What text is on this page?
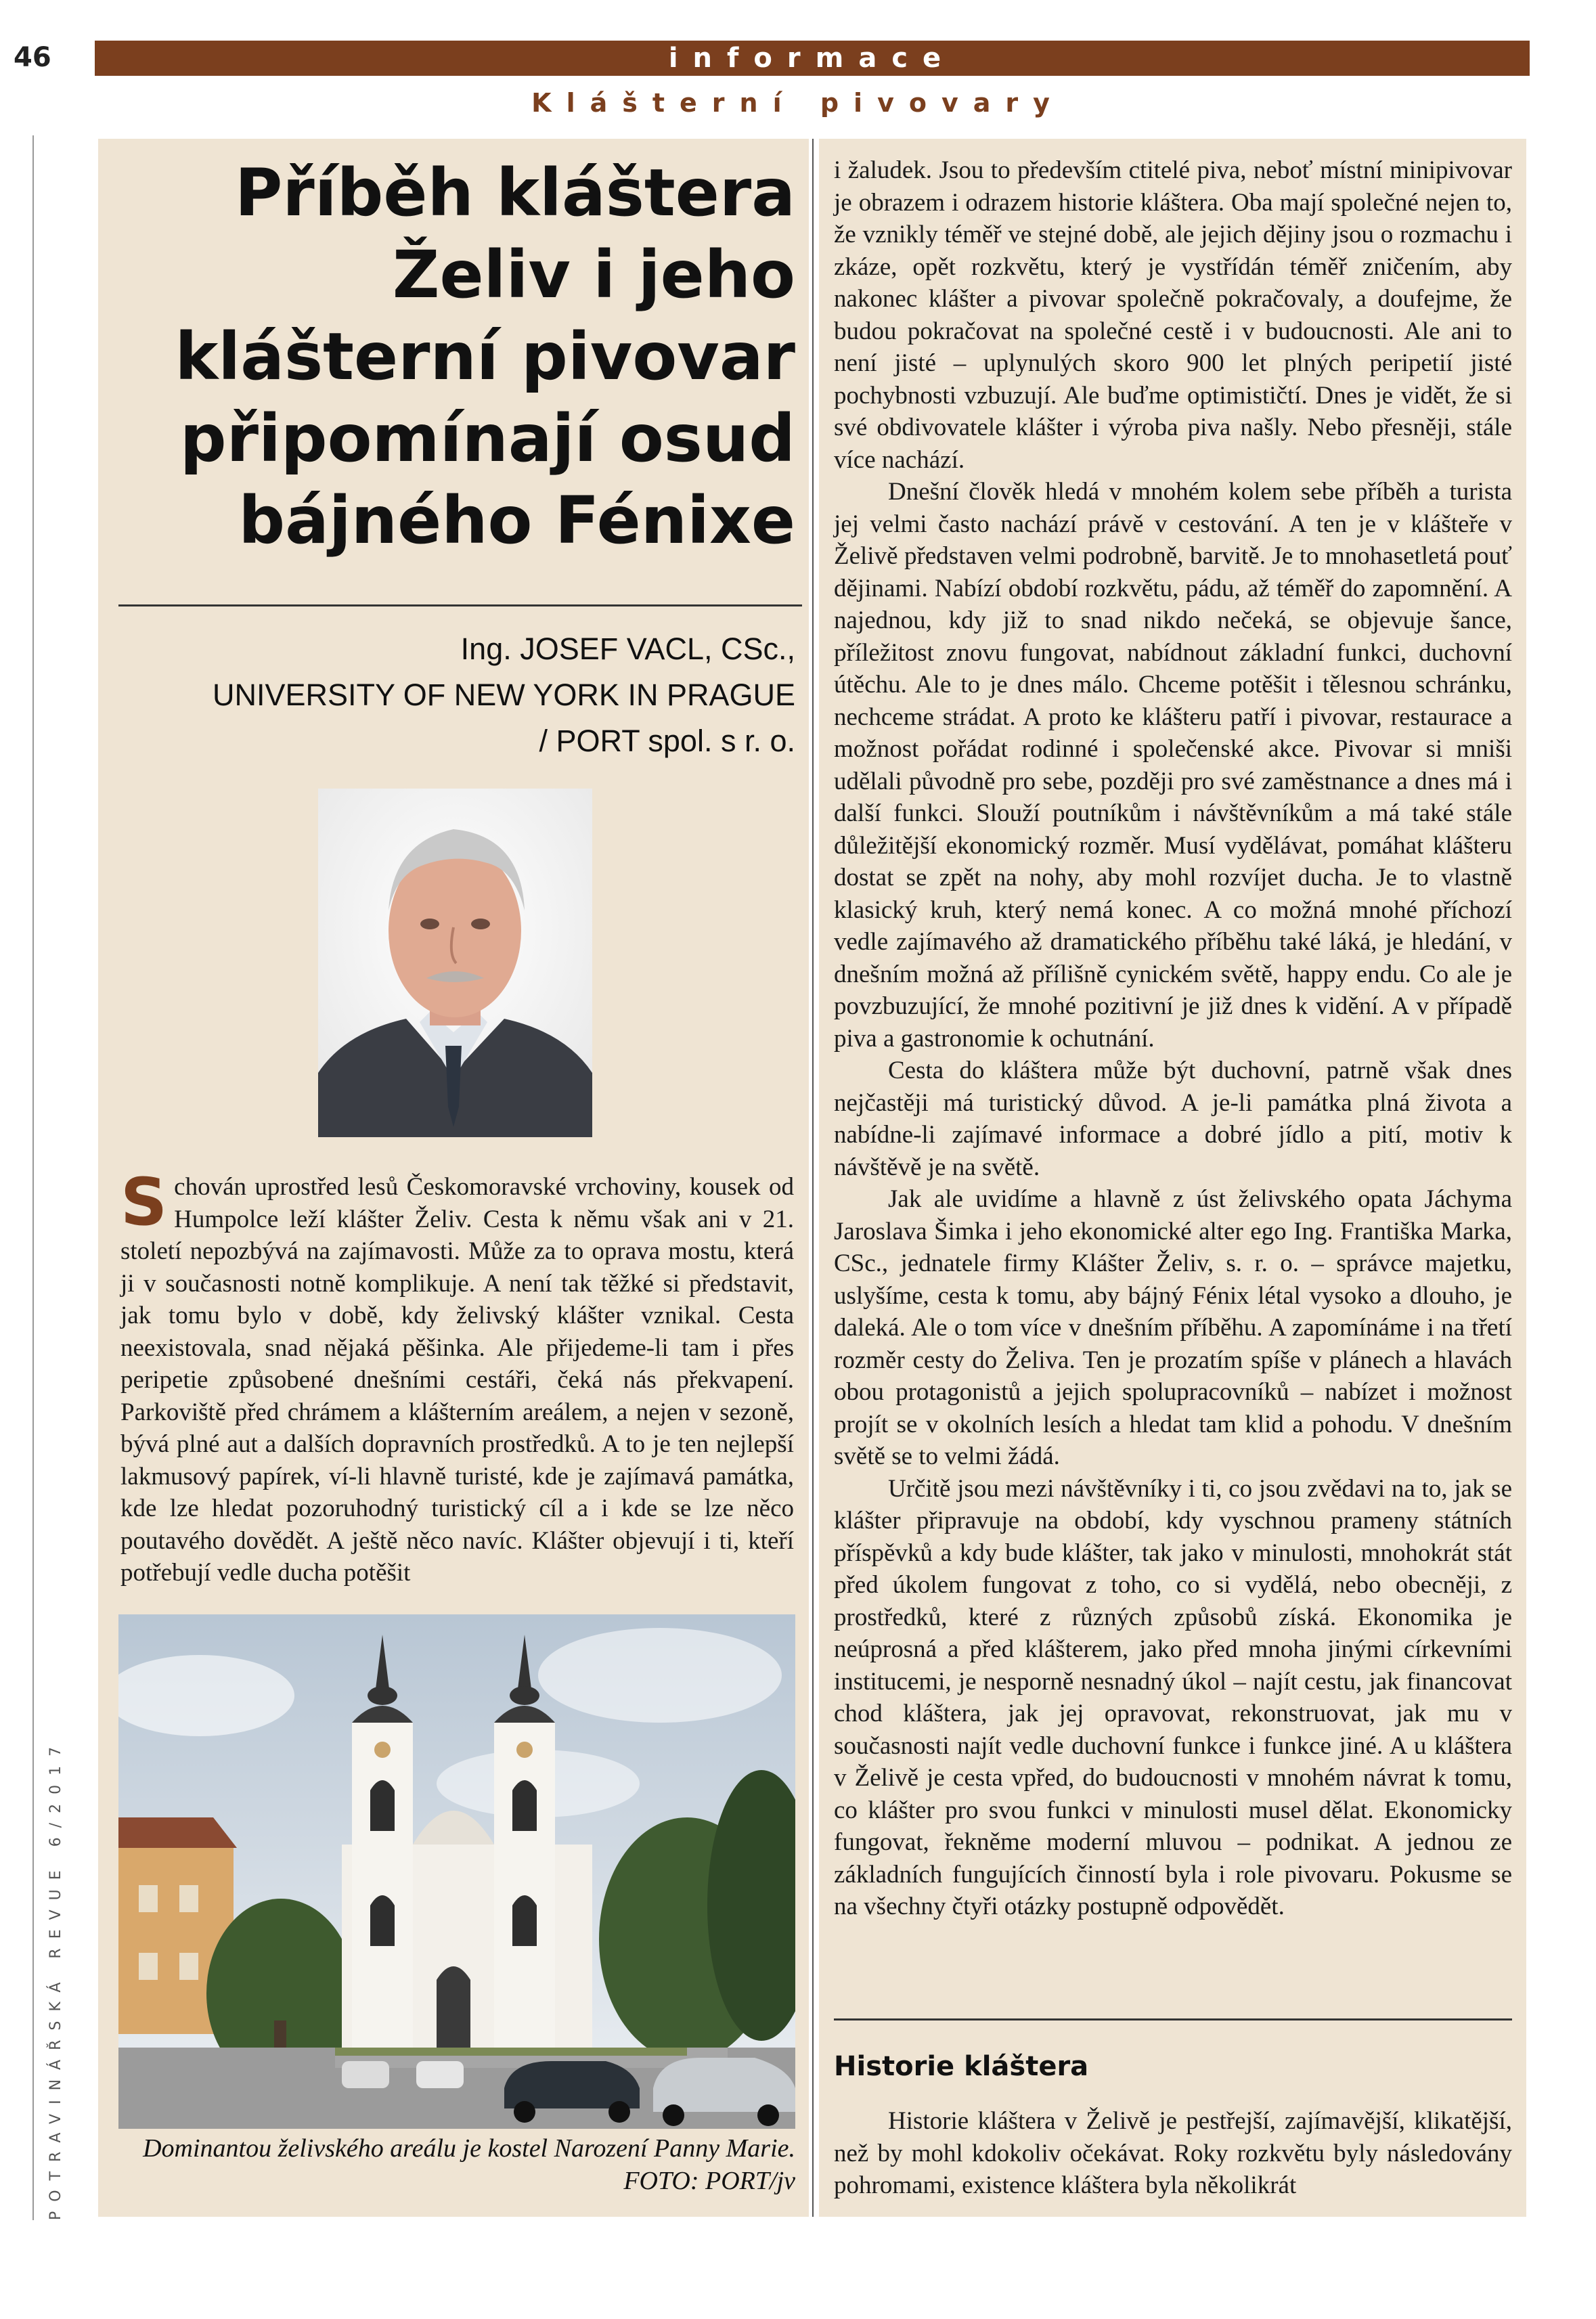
46	informace
Klášterní pivovary
POTRAVINÁŘSKÁ REVUE 6/2017
Příběh kláštera
Želiv i jeho
klášterní pivovar
připomínají osud
bájného Fénixe
Ing. JOSEF VACL, CSc.,
UNIVERSITY OF NEW YORK IN PRAGUE
/ PORT spol. s r. o.
S chován uprostřed lesů Českomoravské vrchoviny, kousek od Humpolce leží klášter Želiv. Cesta k němu však ani v 21. století nepozbývá na zajímavosti. Může za to oprava mostu, která ji v současnosti notně komplikuje. A není tak těžké si představit, jak tomu bylo v době, kdy želivský klášter vznikal. Cesta neexistovala, snad nějaká pěšinka. Ale přijedeme-li tam i přes peripetie způsobené dnešními cestáři, čeká nás překvapení. Parkoviště před chrámem a klášterním areálem, a nejen v sezoně, bývá plné aut a dalších dopravních prostředků. A to je ten nejlepší lakmusový papírek, ví-li hlavně turisté, kde je zajímavá památka, kde lze hledat pozoruhodný turistický cíl a i kde se lze něco poutavého dovědět. A ještě něco navíc. Klášter objevují i ti, kteří potřebují vedle ducha potěšit
Dominantou želivského areálu je kostel Narození Panny Marie.
FOTO: PORT/jv

i žaludek. Jsou to především ctitelé piva, neboť místní minipivovar je obrazem i odrazem historie kláštera. Oba mají společné nejen to, že vznikly téměř ve stejné době, ale jejich dějiny jsou o rozmachu i zkáze, opět rozkvětu, který je vystřídán téměř zničením, aby nakonec klášter a pivovar společně pokračovaly, a doufejme, že budou pokračovat na společné cestě i v budoucnosti. Ale ani to není jisté – uplynulých skoro 900 let plných peripetií jisté pochybnosti vzbuzují. Ale buďme optimističtí. Dnes je vidět, že si své obdivovatele klášter i výroba piva našly. Nebo přesněji, stále více nachází.

Dnešní člověk hledá v mnohém kolem sebe příběh a turista jej velmi často nachází právě v cestování. A ten je v klášteře v Želivě představen velmi podrobně, barvitě. Je to mnohasetletá pouť dějinami. Nabízí období rozkvětu, pádu, až téměř do zapomnění. A najednou, kdy již to snad nikdo nečeká, se objevuje šance, příležitost znovu fungovat, nabídnout základní funkci, duchovní útěchu. Ale to je dnes málo. Chceme potěšit i tělesnou schránku, nechceme strádat. A proto ke klášteru patří i pivovar, restaurace a možnost pořádat rodinné i společenské akce. Pivovar si mniši udělali původně pro sebe, později pro své zaměstnance a dnes má i další funkci. Slouží poutníkům i návštěvníkům a má také stále důležitější ekonomický rozměr. Musí vydělávat, pomáhat klášteru dostat se zpět na nohy, aby mohl rozvíjet ducha. Je to vlastně klasický kruh, který nemá konec. A co možná mnohé příchozí vedle zajímavého až dramatického příběhu také láká, je hledání, v dnešním možná až přílišně cynickém světě, happy endu. Co ale je povzbuzující, že mnohé pozitivní je již dnes k vidění. A v případě piva a gastronomie k ochutnání.

Cesta do kláštera může být duchovní, patrně však dnes nejčastěji má turistický důvod. A je-li památka plná života a nabídne-li zajímavé informace a dobré jídlo a pití, motiv k návštěvě je na světě.

Jak ale uvidíme a hlavně z úst želivského opata Jáchyma Jaroslava Šimka i jeho ekonomické alter ego Ing. Františka Marka, CSc., jednatele firmy Klášter Želiv, s. r. o. – správce majetku, uslyšíme, cesta k tomu, aby bájný Fénix létal vysoko a dlouho, je daleká. Ale o tom více v dnešním příběhu. A zapomínáme i na třetí rozměr cesty do Želiva. Ten je prozatím spíše v plánech a hlavách obou protagonistů a jejich spolupracovníků – nabízet i možnost projít se v okolních lesích a hledat tam klid a pohodu. V dnešním světě se to velmi žádá.

Určitě jsou mezi návštěvníky i ti, co jsou zvědavi na to, jak se klášter připravuje na období, kdy vyschnou prameny státních příspěvků a kdy bude klášter, tak jako v minulosti, mnohokrát stát před úkolem fungovat z toho, co si vydělá, nebo obecněji, z prostředků, které z různých způsobů získá. Ekonomika je neúprosná a před klášterem, jako před mnoha jinými církevními institucemi, je nesporně nesnadný úkol – najít cestu, jak financovat chod kláštera, jak jej opravovat, rekonstruovat, jak mu v současnosti najít vedle duchovní funkce i funkce jiné. A u kláštera v Želivě je cesta vpřed, do budoucnosti v mnohém návrat k tomu, co klášter pro svou funkci v minulosti musel dělat. Ekonomicky fungovat, řekněme moderní mluvou – podnikat. A jednou ze základních fungujících činností byla i role pivovaru. Pokusme se na všechny čtyři otázky postupně odpovědět.

Historie kláštera

Historie kláštera v Želivě je pestřejší, zajímavější, klikatější, než by mohl kdokoliv očekávat. Roky rozkvětu byly následovány pohromami, existence kláštera byla několikrát
